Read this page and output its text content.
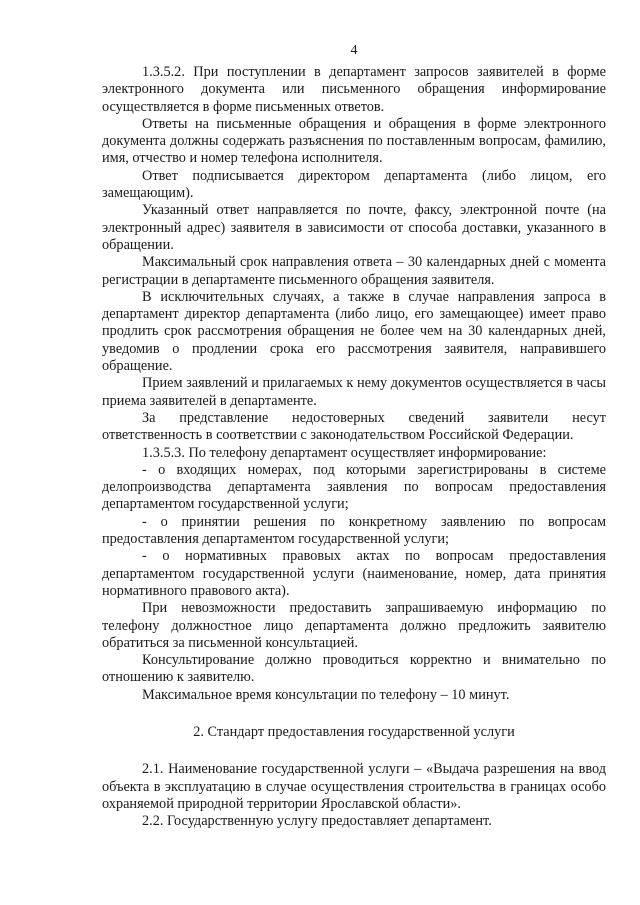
4

1.3.5.2. При поступлении в департамент запросов заявителей в форме электронного документа или письменного обращения информирование осуществляется в форме письменных ответов.

Ответы на письменные обращения и обращения в форме электронного документа должны содержать разъяснения по поставленным вопросам, фамилию, имя, отчество и номер телефона исполнителя.

Ответ подписывается директором департамента (либо лицом, его замещающим).

Указанный ответ направляется по почте, факсу, электронной почте (на электронный адрес) заявителя в зависимости от способа доставки, указанного в обращении.

Максимальный срок направления ответа – 30 календарных дней с момента регистрации в департаменте письменного обращения заявителя.

В исключительных случаях, а также в случае направления запроса в департамент директор департамента (либо лицо, его замещающее) имеет право продлить срок рассмотрения обращения не более чем на 30 календарных дней, уведомив о продлении срока его рассмотрения заявителя, направившего обращение.

Прием заявлений и прилагаемых к нему документов осуществляется в часы приема заявителей в департаменте.

За представление недостоверных сведений заявители несут ответственность в соответствии с законодательством Российской Федерации.

1.3.5.3. По телефону департамент осуществляет информирование:

- о входящих номерах, под которыми зарегистрированы в системе делопроизводства департамента заявления по вопросам предоставления департаментом государственной услуги;

- о принятии решения по конкретному заявлению по вопросам предоставления департаментом государственной услуги;

- о нормативных правовых актах по вопросам предоставления департаментом государственной услуги (наименование, номер, дата принятия нормативного правового акта).

При невозможности предоставить запрашиваемую информацию по телефону должностное лицо департамента должно предложить заявителю обратиться за письменной консультацией.

Консультирование должно проводиться корректно и внимательно по отношению к заявителю.

Максимальное время консультации по телефону – 10 минут.

2. Стандарт предоставления государственной услуги

2.1. Наименование государственной услуги – «Выдача разрешения на ввод объекта в эксплуатацию в случае осуществления строительства в границах особо охраняемой природной территории Ярославской области».

2.2. Государственную услугу предоставляет департамент.
